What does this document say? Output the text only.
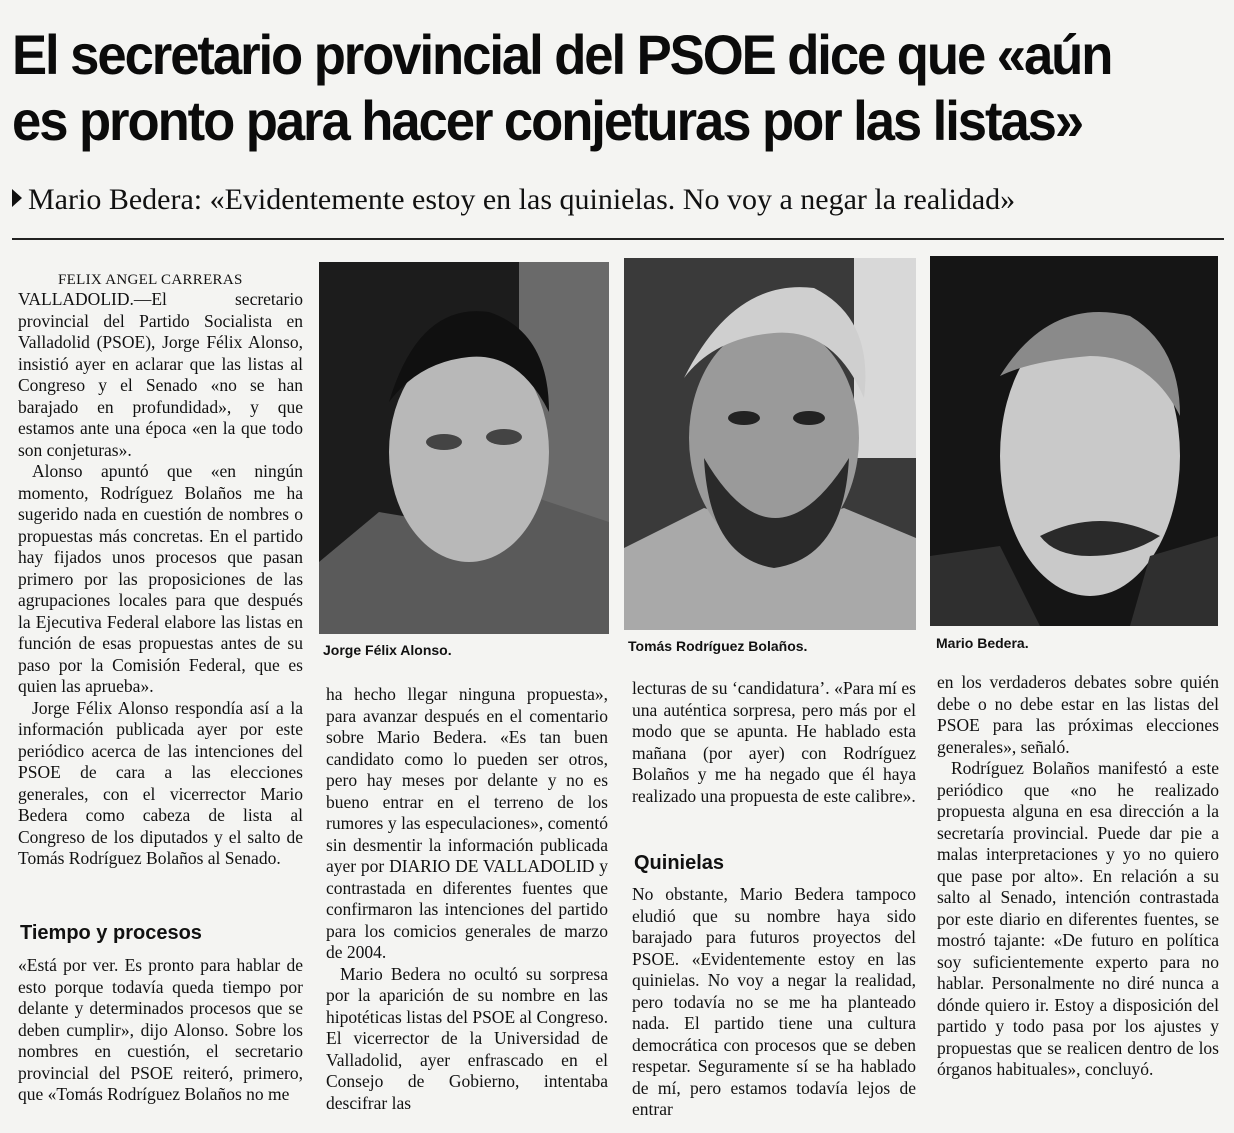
El secretario provincial del PSOE dice que «aún
es pronto para hacer conjeturas por las listas»
Mario Bedera: «Evidentemente estoy en las quinielas. No voy a negar la realidad»
FELIX ANGEL CARRERAS

VALLADOLID.—El secretario provincial del Partido Socialista en Valladolid (PSOE), Jorge Félix Alonso, insistió ayer en aclarar que las listas al Congreso y el Senado «no se han barajado en profundidad», y que estamos ante una época «en la que todo son conjeturas».

Alonso apuntó que «en ningún momento, Rodríguez Bolaños me ha sugerido nada en cuestión de nombres o propuestas más concretas. En el partido hay fijados unos procesos que pasan primero por las proposiciones de las agrupaciones locales para que después la Ejecutiva Federal elabore las listas en función de esas propuestas antes de su paso por la Comisión Federal, que es quien las aprueba».

Jorge Félix Alonso respondía así a la información publicada ayer por este periódico acerca de las intenciones del PSOE de cara a las elecciones generales, con el vicerrector Mario Bedera como cabeza de lista al Congreso de los diputados y el salto de Tomás Rodríguez Bolaños al Senado.

Tiempo y procesos

«Está por ver. Es pronto para hablar de esto porque todavía queda tiempo por delante y determinados procesos que se deben cumplir», dijo Alonso. Sobre los nombres en cuestión, el secretario provincial del PSOE reiteró, primero, que «Tomás Rodríguez Bolaños no me

Jorge Félix Alonso.	Tomás Rodríguez Bolaños.	Mario Bedera.

ha hecho llegar ninguna propuesta», para avanzar después en el comentario sobre Mario Bedera. «Es tan buen candidato como lo pueden ser otros, pero hay meses por delante y no es bueno entrar en el terreno de los rumores y las especulaciones», comentó sin desmentir la información publicada ayer por DIARIO DE VALLADOLID y contrastada en diferentes fuentes que confirmaron las intenciones del partido para los comicios generales de marzo de 2004.

Mario Bedera no ocultó su sorpresa por la aparición de su nombre en las hipotéticas listas del PSOE al Congreso. El vicerrector de la Universidad de Valladolid, ayer enfrascado en el Consejo de Gobierno, intentaba descifrar las

lecturas de su ‘candidatura’. «Para mí es una auténtica sorpresa, pero más por el modo que se apunta. He hablado esta mañana (por ayer) con Rodríguez Bolaños y me ha negado que él haya realizado una propuesta de este calibre».

Quinielas

No obstante, Mario Bedera tampoco eludió que su nombre haya sido barajado para futuros proyectos del PSOE. «Evidentemente estoy en las quinielas. No voy a negar la realidad, pero todavía no se me ha planteado nada. El partido tiene una cultura democrática con procesos que se deben respetar. Seguramente sí se ha hablado de mí, pero estamos todavía lejos de entrar

en los verdaderos debates sobre quién debe o no debe estar en las listas del PSOE para las próximas elecciones generales», señaló.

Rodríguez Bolaños manifestó a este periódico que «no he realizado propuesta alguna en esa dirección a la secretaría provincial. Puede dar pie a malas interpretaciones y yo no quiero que pase por alto». En relación a su salto al Senado, intención contrastada por este diario en diferentes fuentes, se mostró tajante: «De futuro en política soy suficientemente experto para no hablar. Personalmente no diré nunca a dónde quiero ir. Estoy a disposición del partido y todo pasa por los ajustes y propuestas que se realicen dentro de los órganos habituales», concluyó.
